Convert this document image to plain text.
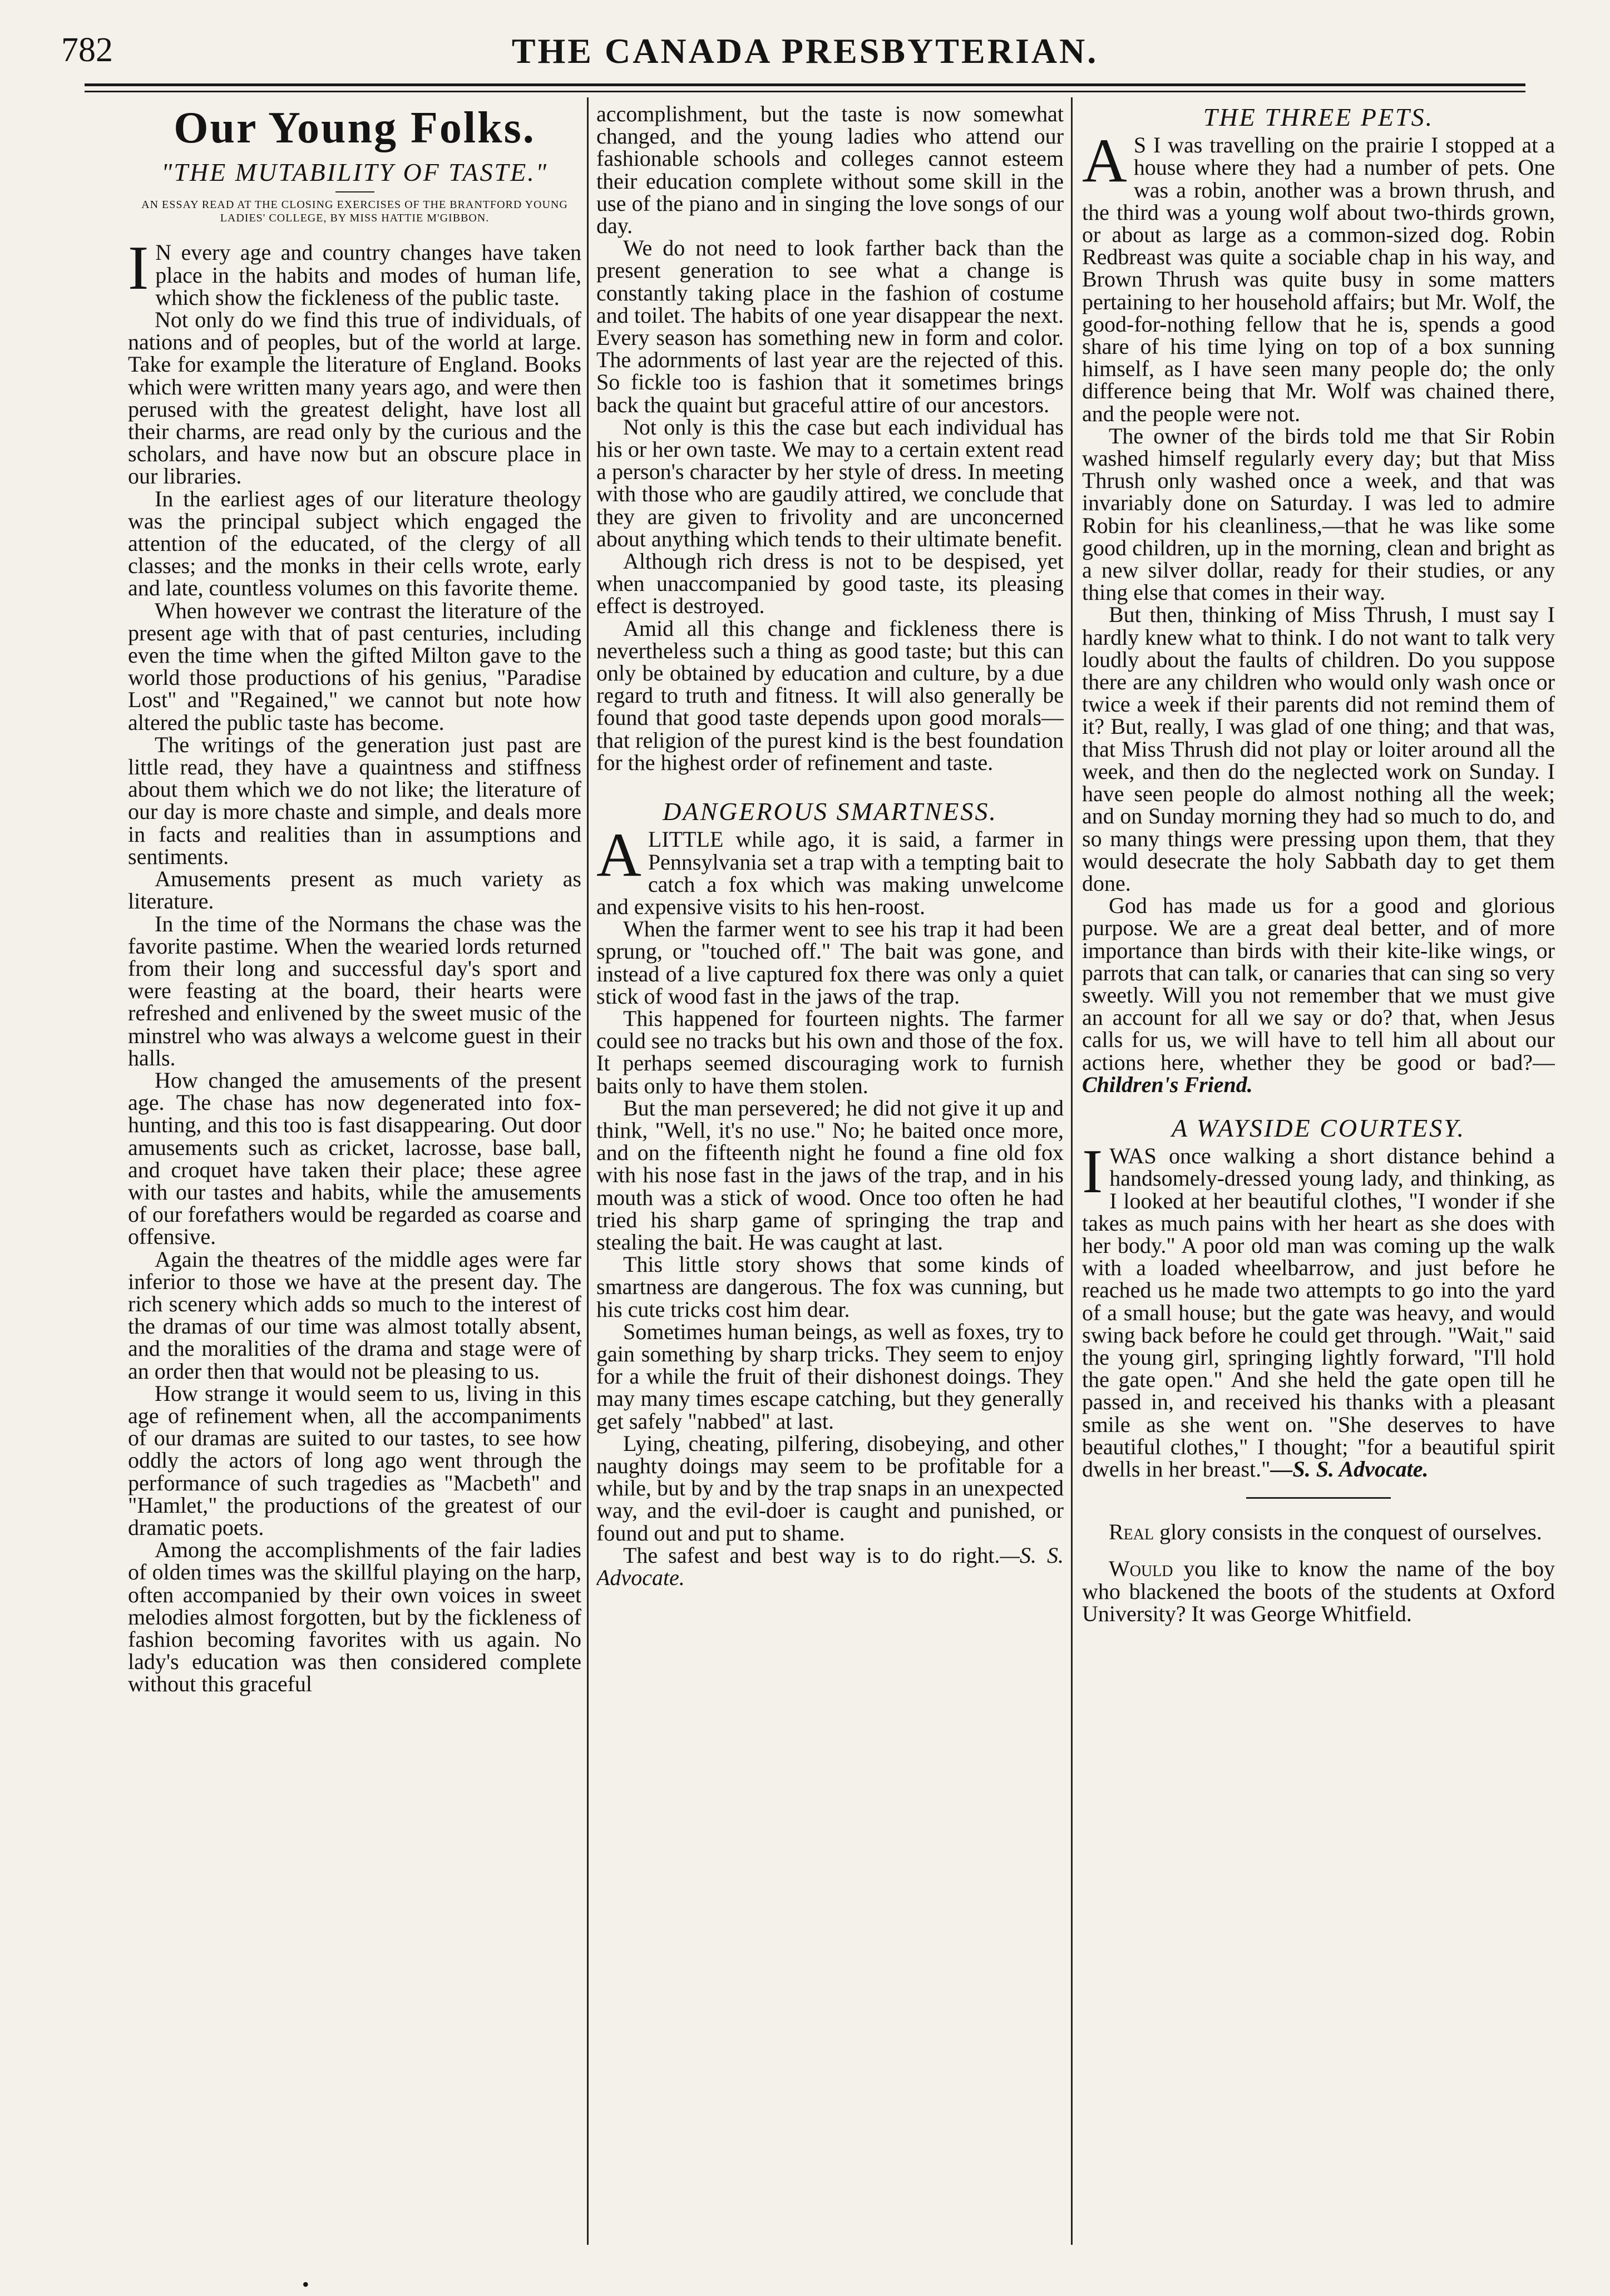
782	THE CANADA PRESBYTERIAN.
Our Young Folks.
"THE MUTABILITY OF TASTE."
AN ESSAY READ AT THE CLOSING EXERCISES OF THE BRANTFORD YOUNG LADIES' COLLEGE, BY MISS HATTIE M'GIBBON.

I N every age and country changes have taken place in the habits and modes of human life, which show the fickleness of the public taste.

Not only do we find this true of individuals, of nations and of peoples, but of the world at large. Take for example the literature of England. Books which were written many years ago, and were then perused with the greatest delight, have lost all their charms, are read only by the curious and the scholars, and have now but an obscure place in our libraries.

In the earliest ages of our literature theology was the principal subject which engaged the attention of the educated, of the clergy of all classes; and the monks in their cells wrote, early and late, countless volumes on this favorite theme.

When however we contrast the literature of the present age with that of past centuries, including even the time when the gifted Milton gave to the world those productions of his genius, "Paradise Lost" and "Regained," we cannot but note how altered the public taste has become.

The writings of the generation just past are little read, they have a quaintness and stiffness about them which we do not like; the literature of our day is more chaste and simple, and deals more in facts and realities than in assumptions and sentiments.

Amusements present as much variety as literature.

In the time of the Normans the chase was the favorite pastime. When the wearied lords returned from their long and successful day's sport and were feasting at the board, their hearts were refreshed and enlivened by the sweet music of the minstrel who was always a welcome guest in their halls.

How changed the amusements of the present age. The chase has now degenerated into fox-hunting, and this too is fast disappearing. Out door amusements such as cricket, lacrosse, base ball, and croquet have taken their place; these agree with our tastes and habits, while the amusements of our forefathers would be regarded as coarse and offensive.

Again the theatres of the middle ages were far inferior to those we have at the present day. The rich scenery which adds so much to the interest of the dramas of our time was almost totally absent, and the moralities of the drama and stage were of an order then that would not be pleasing to us.

How strange it would seem to us, living in this age of refinement when, all the accompaniments of our dramas are suited to our tastes, to see how oddly the actors of long ago went through the performance of such tragedies as "Macbeth" and "Hamlet," the productions of the greatest of our dramatic poets.

Among the accomplishments of the fair ladies of olden times was the skillful playing on the harp, often accompanied by their own voices in sweet melodies almost forgotten, but by the fickleness of fashion becoming favorites with us again. No lady's education was then considered complete without this graceful

accomplishment, but the taste is now somewhat changed, and the young ladies who attend our fashionable schools and colleges cannot esteem their education complete without some skill in the use of the piano and in singing the love songs of our day.

We do not need to look farther back than the present generation to see what a change is constantly taking place in the fashion of costume and toilet. The habits of one year disappear the next. Every season has something new in form and color. The adornments of last year are the rejected of this. So fickle too is fashion that it sometimes brings back the quaint but graceful attire of our ancestors.

Not only is this the case but each individual has his or her own taste. We may to a certain extent read a person's character by her style of dress. In meeting with those who are gaudily attired, we conclude that they are given to frivolity and are unconcerned about anything which tends to their ultimate benefit.

Although rich dress is not to be despised, yet when unaccompanied by good taste, its pleasing effect is destroyed.

Amid all this change and fickleness there is nevertheless such a thing as good taste; but this can only be obtained by education and culture, by a due regard to truth and fitness. It will also generally be found that good taste depends upon good morals—that religion of the purest kind is the best foundation for the highest order of refinement and taste.

DANGEROUS SMARTNESS.

ALITTLE while ago, it is said, a farmer in Pennsylvania set a trap with a tempting bait to catch a fox which was making unwelcome and expensive visits to his hen-roost.

When the farmer went to see his trap it had been sprung, or "touched off." The bait was gone, and instead of a live captured fox there was only a quiet stick of wood fast in the jaws of the trap.

This happened for fourteen nights. The farmer could see no tracks but his own and those of the fox. It perhaps seemed discouraging work to furnish baits only to have them stolen.

But the man persevered; he did not give it up and think, "Well, it's no use." No; he baited once more, and on the fifteenth night he found a fine old fox with his nose fast in the jaws of the trap, and in his mouth was a stick of wood. Once too often he had tried his sharp game of springing the trap and stealing the bait. He was caught at last.

This little story shows that some kinds of smartness are dangerous. The fox was cunning, but his cute tricks cost him dear.

Sometimes human beings, as well as foxes, try to gain something by sharp tricks. They seem to enjoy for a while the fruit of their dishonest doings. They may many times escape catching, but they generally get safely "nabbed" at last.

Lying, cheating, pilfering, disobeying, and other naughty doings may seem to be profitable for a while, but by and by the trap snaps in an unexpected way, and the evil-doer is caught and punished, or found out and put to shame.

The safest and best way is to do right.—S. S. Advocate.

THE THREE PETS.

A S I was travelling on the prairie I stopped at a house where they had a number of pets. One was a robin, another was a brown thrush, and the third was a young wolf about two-thirds grown, or about as large as a common-sized dog. Robin Redbreast was quite a sociable chap in his way, and Brown Thrush was quite busy in some matters pertaining to her household affairs; but Mr. Wolf, the good-for-nothing fellow that he is, spends a good share of his time lying on top of a box sunning himself, as I have seen many people do; the only difference being that Mr. Wolf was chained there, and the people were not.

The owner of the birds told me that Sir Robin washed himself regularly every day; but that Miss Thrush only washed once a week, and that was invariably done on Saturday. I was led to admire Robin for his cleanliness,—that he was like some good children, up in the morning, clean and bright as a new silver dollar, ready for their studies, or any thing else that comes in their way.

But then, thinking of Miss Thrush, I must say I hardly knew what to think. I do not want to talk very loudly about the faults of children. Do you suppose there are any children who would only wash once or twice a week if their parents did not remind them of it? But, really, I was glad of one thing; and that was, that Miss Thrush did not play or loiter around all the week, and then do the neglected work on Sunday. I have seen people do almost nothing all the week; and on Sunday morning they had so much to do, and so many things were pressing upon them, that they would desecrate the holy Sabbath day to get them done.

God has made us for a good and glorious purpose. We are a great deal better, and of more importance than birds with their kite-like wings, or parrots that can talk, or canaries that can sing so very sweetly. Will you not remember that we must give an account for all we say or do? that, when Jesus calls for us, we will have to tell him all about our actions here, whether they be good or bad?—Children's Friend.

A WAYSIDE COURTESY.

IWAS once walking a short distance behind a handsomely-dressed young lady, and thinking, as I looked at her beautiful clothes, "I wonder if she takes as much pains with her heart as she does with her body." A poor old man was coming up the walk with a loaded wheelbarrow, and just before he reached us he made two attempts to go into the yard of a small house; but the gate was heavy, and would swing back before he could get through. "Wait," said the young girl, springing lightly forward, "I'll hold the gate open." And she held the gate open till he passed in, and received his thanks with a pleasant smile as she went on. "She deserves to have beautiful clothes," I thought; "for a beautiful spirit dwells in her breast."—S. S. Advocate.

Real glory consists in the conquest of ourselves.

Would you like to know the name of the boy who blackened the boots of the students at Oxford University? It was George Whitfield.

•
